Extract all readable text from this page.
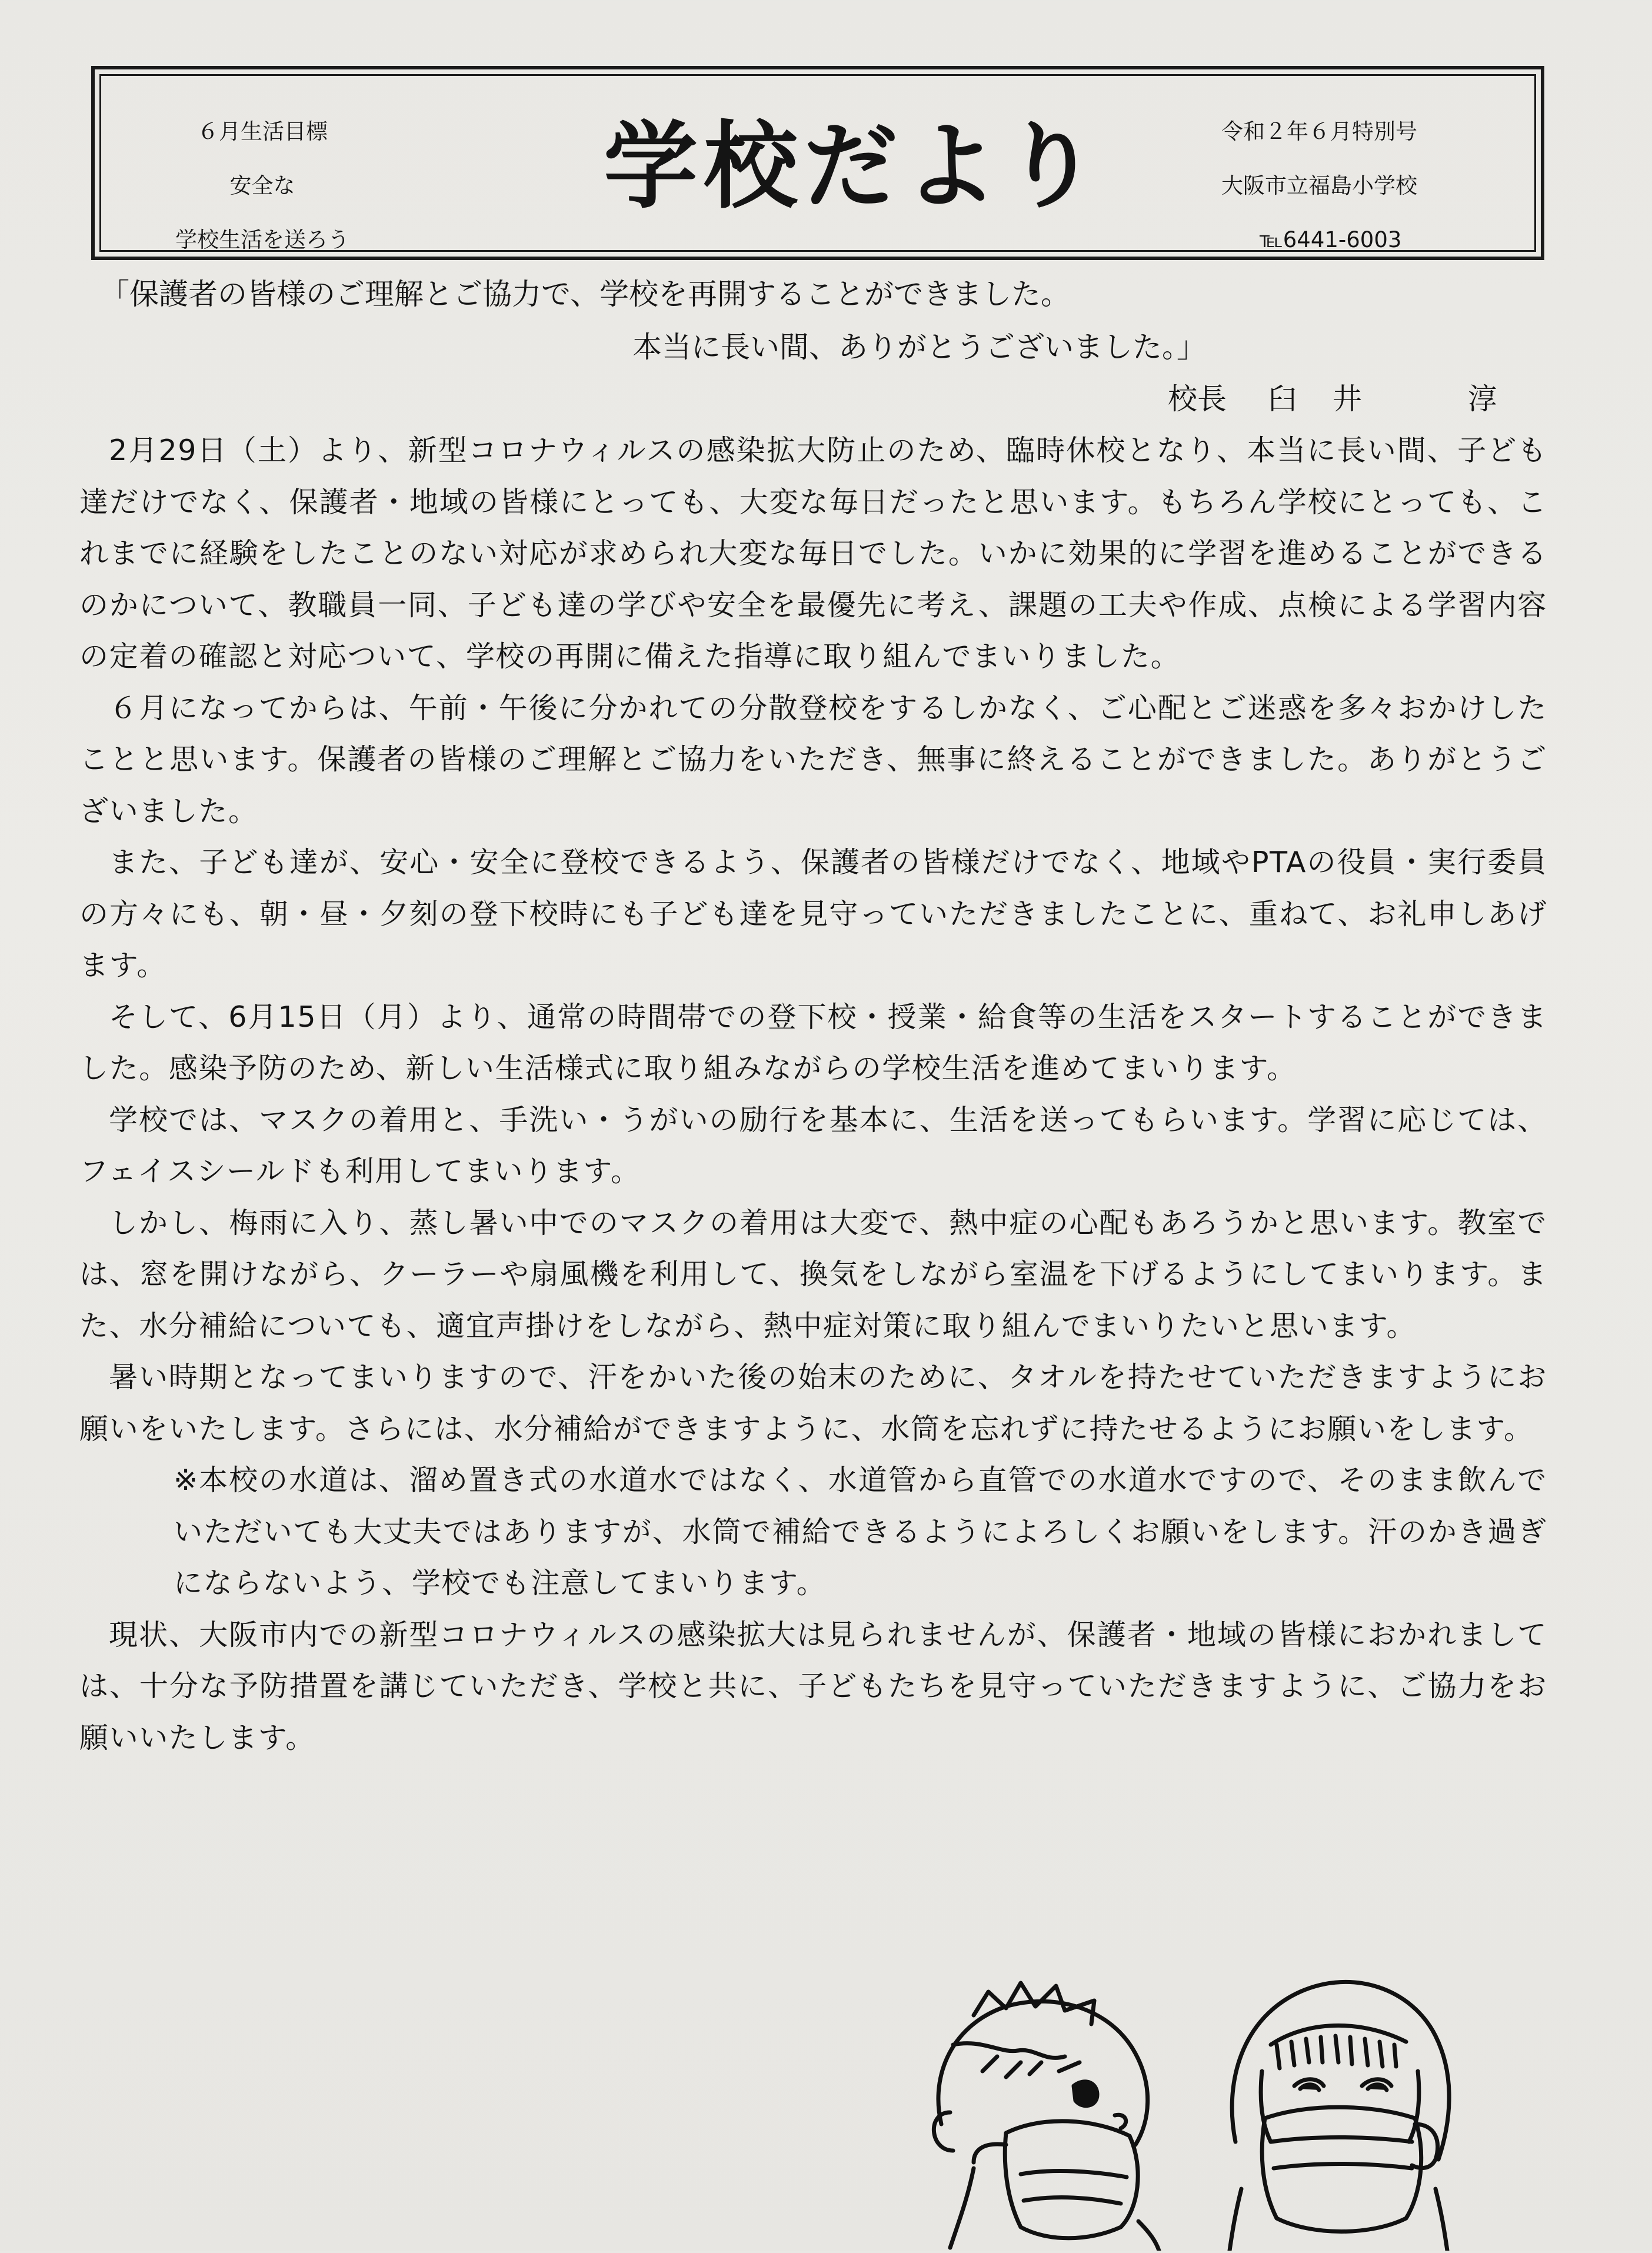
６月生活目標
安全な
学校生活を送ろう
学校だより	令和２年６月特別号
大阪市立福島小学校
℡6441-6003
「保護者の皆様のご理解とご協力で、学校を再開することができました。
本当に長い間、ありがとうございました。」
校長 臼井 淳

2月29日（土）より、新型コロナウィルスの感染拡大防止のため、臨時休校となり、本当に長い間、子ども達だけでなく、保護者・地域の皆様にとっても、大変な毎日だったと思います。もちろん学校にとっても、これまでに経験をしたことのない対応が求められ大変な毎日でした。いかに効果的に学習を進めることができるのかについて、教職員一同、子ども達の学びや安全を最優先に考え、課題の工夫や作成、点検による学習内容の定着の確認と対応ついて、学校の再開に備えた指導に取り組んでまいりました。

６月になってからは、午前・午後に分かれての分散登校をするしかなく、ご心配とご迷惑を多々おかけしたことと思います。保護者の皆様のご理解とご協力をいただき、無事に終えることができました。ありがとうございました。

また、子ども達が、安心・安全に登校できるよう、保護者の皆様だけでなく、地域やPTAの役員・実行委員の方々にも、朝・昼・夕刻の登下校時にも子ども達を見守っていただきましたことに、重ねて、お礼申しあげます。

そして、6月15日（月）より、通常の時間帯での登下校・授業・給食等の生活をスタートすることができました。感染予防のため、新しい生活様式に取り組みながらの学校生活を進めてまいります。

学校では、マスクの着用と、手洗い・うがいの励行を基本に、生活を送ってもらいます。学習に応じては、フェイスシールドも利用してまいります。

しかし、梅雨に入り、蒸し暑い中でのマスクの着用は大変で、熱中症の心配もあろうかと思います。教室では、窓を開けながら、クーラーや扇風機を利用して、換気をしながら室温を下げるようにしてまいります。また、水分補給についても、適宜声掛けをしながら、熱中症対策に取り組んでまいりたいと思います。

暑い時期となってまいりますので、汗をかいた後の始末のために、タオルを持たせていただきますようにお願いをいたします。さらには、水分補給ができますように、水筒を忘れずに持たせるようにお願いをします。

※本校の水道は、溜め置き式の水道水ではなく、水道管から直管での水道水ですので、そのまま飲んでいただいても大丈夫ではありますが、水筒で補給できるようによろしくお願いをします。汗のかき過ぎにならないよう、学校でも注意してまいります。

現状、大阪市内での新型コロナウィルスの感染拡大は見られませんが、保護者・地域の皆様におかれましては、十分な予防措置を講じていただき、学校と共に、子どもたちを見守っていただきますように、ご協力をお願いいたします。
